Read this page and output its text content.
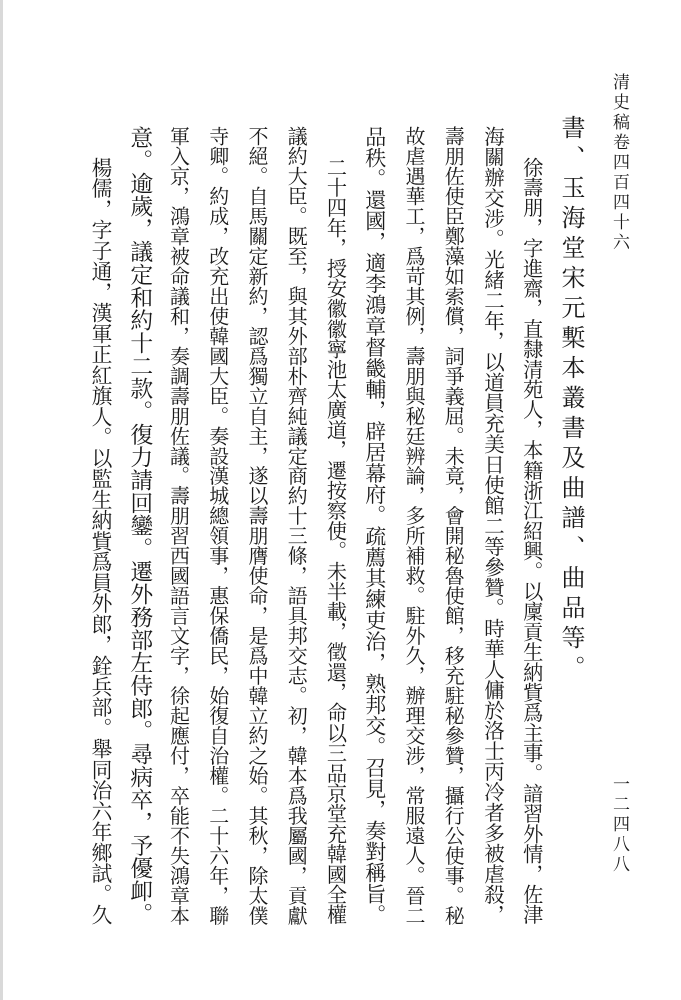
清史稿卷四百四十六

一二四八八

書、玉海堂宋元槧本叢書及曲譜、曲品等。

徐壽朋，字進齋，直隸清苑人，本籍浙江紹興。以廩貢生納貲爲主事。諳習外情，佐津

海關辦交涉。光緒二年，以道員充美日使館二等參贊。時華人傭於洛士丙冷者多被虐殺，

壽朋佐使臣鄭藻如索償，詞爭義屈。未竟，會開秘魯使館，移充駐秘參贊，攝行公使事。秘

故虐遇華工，爲苛其例，壽朋與秘廷辨論，多所補救。駐外久，辦理交涉，常服遠人。晉二

品秩。還國，適李鴻章督畿輔，辟居幕府。疏薦其練吏治，熟邦交。召見，奏對稱旨。

二十四年，授安徽徽寧池太廣道，遷按察使。未半載，徵還，命以三品京堂充韓國全權

議約大臣。既至，與其外部朴齊純議定商約十三條，語具邦交志。初，韓本爲我屬國，貢獻

不絕。自馬關定新約，認爲獨立自主，遂以壽朋膺使命，是爲中韓立約之始。其秋，除太僕

寺卿。約成，改充出使韓國大臣。奏設漢城總領事，惠保僑民，始復自治權。二十六年，聯

軍入京，鴻章被命議和，奏調壽朋佐議。壽朋習西國語言文字，徐起應付，卒能不失鴻章本

意。逾歲，議定和約十二款。復力請回鑾。遷外務部左侍郎。尋病卒，予優卹。

楊儒，字子通，漢軍正紅旗人。以監生納貲爲員外郎，銓兵部。舉同治六年鄉試。久
